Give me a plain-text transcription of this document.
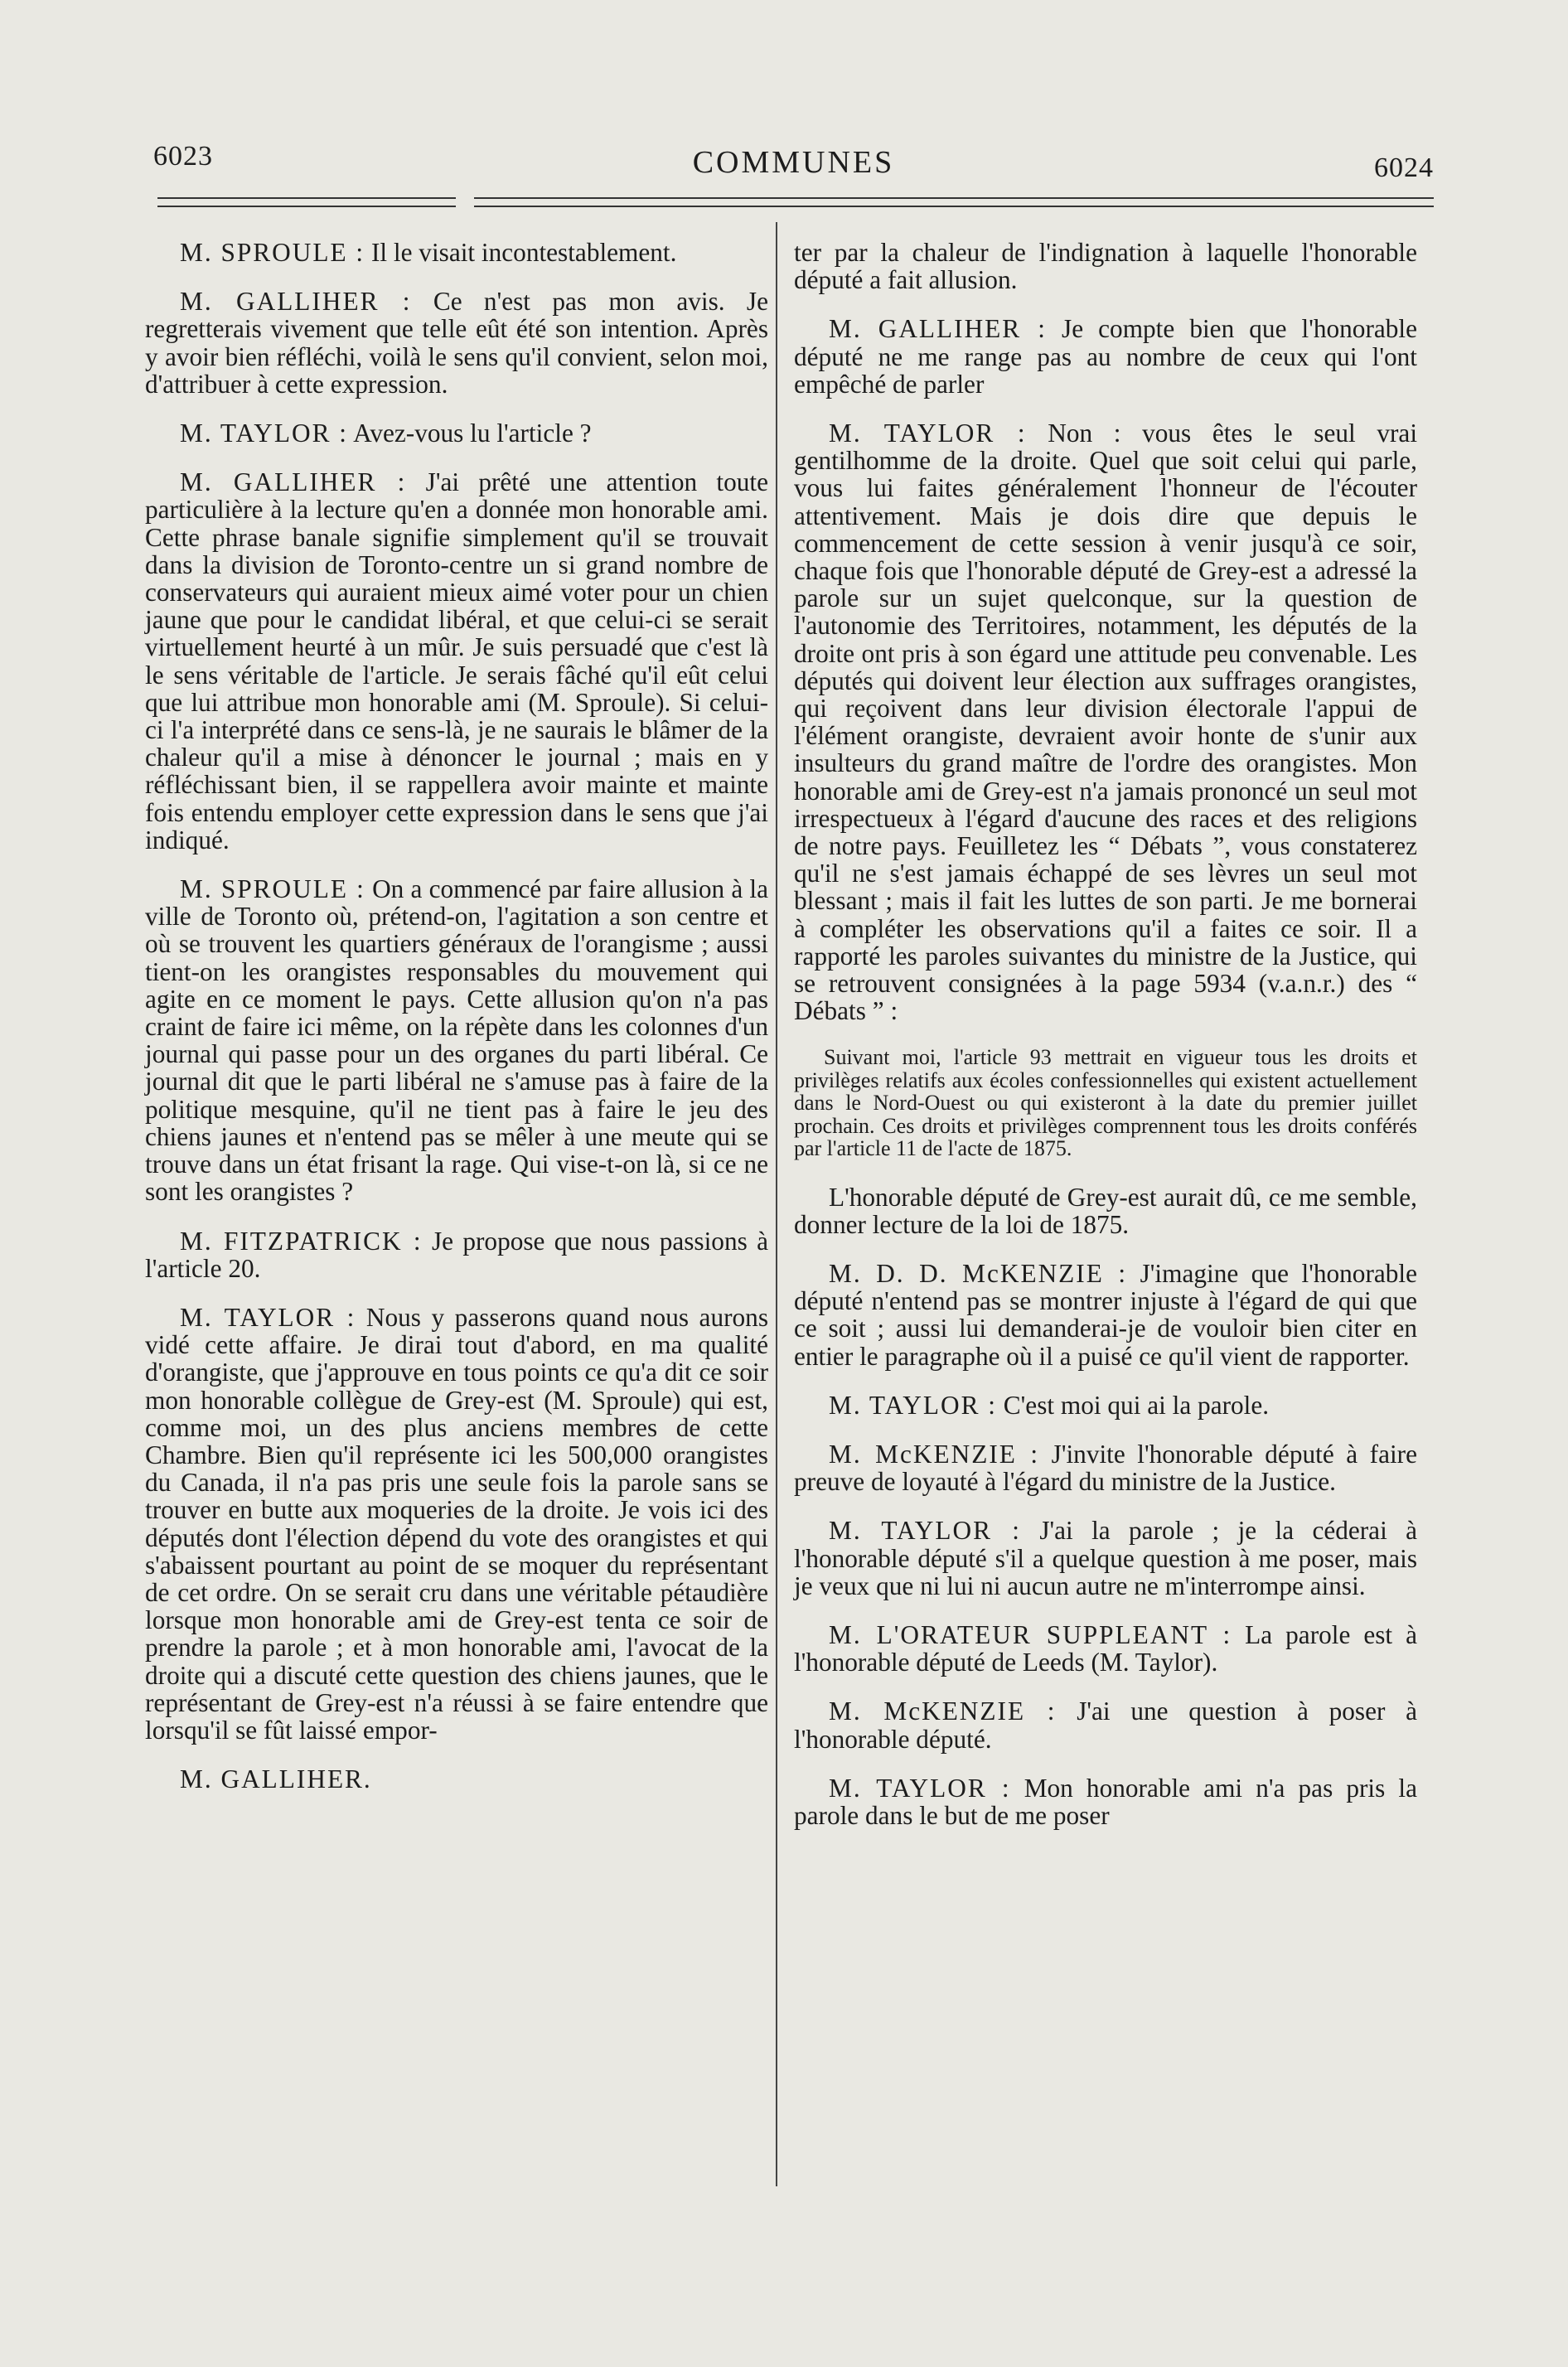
6023	COMMUNES	6024

M. SPROULE : Il le visait incontestablement.

M. GALLIHER : Ce n'est pas mon avis. Je regretterais vivement que telle eût été son intention. Après y avoir bien réfléchi, voilà le sens qu'il convient, selon moi, d'attribuer à cette expression.

M. TAYLOR : Avez-vous lu l'article ?

M. GALLIHER : J'ai prêté une attention toute particulière à la lecture qu'en a donnée mon honorable ami. Cette phrase banale signifie simplement qu'il se trouvait dans la division de Toronto-centre un si grand nombre de conservateurs qui auraient mieux aimé voter pour un chien jaune que pour le candidat libéral, et que celui-ci se serait virtuellement heurté à un mûr. Je suis persuadé que c'est là le sens véritable de l'article. Je serais fâché qu'il eût celui que lui attribue mon honorable ami (M. Sproule). Si celui-ci l'a interprété dans ce sens-là, je ne saurais le blâmer de la chaleur qu'il a mise à dénoncer le journal ; mais en y réfléchissant bien, il se rappellera avoir mainte et mainte fois entendu employer cette expression dans le sens que j'ai indiqué.

M. SPROULE : On a commencé par faire allusion à la ville de Toronto où, prétend-on, l'agitation a son centre et où se trouvent les quartiers généraux de l'orangisme ; aussi tient-on les orangistes responsables du mouvement qui agite en ce moment le pays. Cette allusion qu'on n'a pas craint de faire ici même, on la répète dans les colonnes d'un journal qui passe pour un des organes du parti libéral. Ce journal dit que le parti libéral ne s'amuse pas à faire de la politique mesquine, qu'il ne tient pas à faire le jeu des chiens jaunes et n'entend pas se mêler à une meute qui se trouve dans un état frisant la rage. Qui vise-t-on là, si ce ne sont les orangistes ?

M. FITZPATRICK : Je propose que nous passions à l'article 20.

M. TAYLOR : Nous y passerons quand nous aurons vidé cette affaire. Je dirai tout d'abord, en ma qualité d'orangiste, que j'approuve en tous points ce qu'a dit ce soir mon honorable collègue de Grey-est (M. Sproule) qui est, comme moi, un des plus anciens membres de cette Chambre. Bien qu'il représente ici les 500,000 orangistes du Canada, il n'a pas pris une seule fois la parole sans se trouver en butte aux moqueries de la droite. Je vois ici des députés dont l'élection dépend du vote des orangistes et qui s'abaissent pourtant au point de se moquer du représentant de cet ordre. On se serait cru dans une véritable pétaudière lorsque mon honorable ami de Grey-est tenta ce soir de prendre la parole ; et à mon honorable ami, l'avocat de la droite qui a discuté cette question des chiens jaunes, que le représentant de Grey-est n'a réussi à se faire entendre que lorsqu'il se fût laissé empor-

M. GALLIHER.

ter par la chaleur de l'indignation à laquelle l'honorable député a fait allusion.

M. GALLIHER : Je compte bien que l'honorable député ne me range pas au nombre de ceux qui l'ont empêché de parler

M. TAYLOR : Non : vous êtes le seul vrai gentilhomme de la droite. Quel que soit celui qui parle, vous lui faites généralement l'honneur de l'écouter attentivement. Mais je dois dire que depuis le commencement de cette session à venir jusqu'à ce soir, chaque fois que l'honorable député de Grey-est a adressé la parole sur un sujet quelconque, sur la question de l'autonomie des Territoires, notamment, les députés de la droite ont pris à son égard une attitude peu convenable. Les députés qui doivent leur élection aux suffrages orangistes, qui reçoivent dans leur division électorale l'appui de l'élément orangiste, devraient avoir honte de s'unir aux insulteurs du grand maître de l'ordre des orangistes. Mon honorable ami de Grey-est n'a jamais prononcé un seul mot irrespectueux à l'égard d'aucune des races et des religions de notre pays. Feuilletez les “ Débats ”, vous constaterez qu'il ne s'est jamais échappé de ses lèvres un seul mot blessant ; mais il fait les luttes de son parti. Je me bornerai à compléter les observations qu'il a faites ce soir. Il a rapporté les paroles suivantes du ministre de la Justice, qui se retrouvent consignées à la page 5934 (v.a.n.r.) des “ Débats ” :

Suivant moi, l'article 93 mettrait en vigueur tous les droits et privilèges relatifs aux écoles confessionnelles qui existent actuellement dans le Nord-Ouest ou qui existeront à la date du premier juillet prochain. Ces droits et privilèges comprennent tous les droits conférés par l'article 11 de l'acte de 1875.

L'honorable député de Grey-est aurait dû, ce me semble, donner lecture de la loi de 1875.

M. D. D. McKENZIE : J'imagine que l'honorable député n'entend pas se montrer injuste à l'égard de qui que ce soit ; aussi lui demanderai-je de vouloir bien citer en entier le paragraphe où il a puisé ce qu'il vient de rapporter.

M. TAYLOR : C'est moi qui ai la parole.

M. McKENZIE : J'invite l'honorable député à faire preuve de loyauté à l'égard du ministre de la Justice.

M. TAYLOR : J'ai la parole ; je la céderai à l'honorable député s'il a quelque question à me poser, mais je veux que ni lui ni aucun autre ne m'interrompe ainsi.

M. L'ORATEUR SUPPLEANT : La parole est à l'honorable député de Leeds (M. Taylor).

M. McKENZIE : J'ai une question à poser à l'honorable député.

M. TAYLOR : Mon honorable ami n'a pas pris la parole dans le but de me poser
